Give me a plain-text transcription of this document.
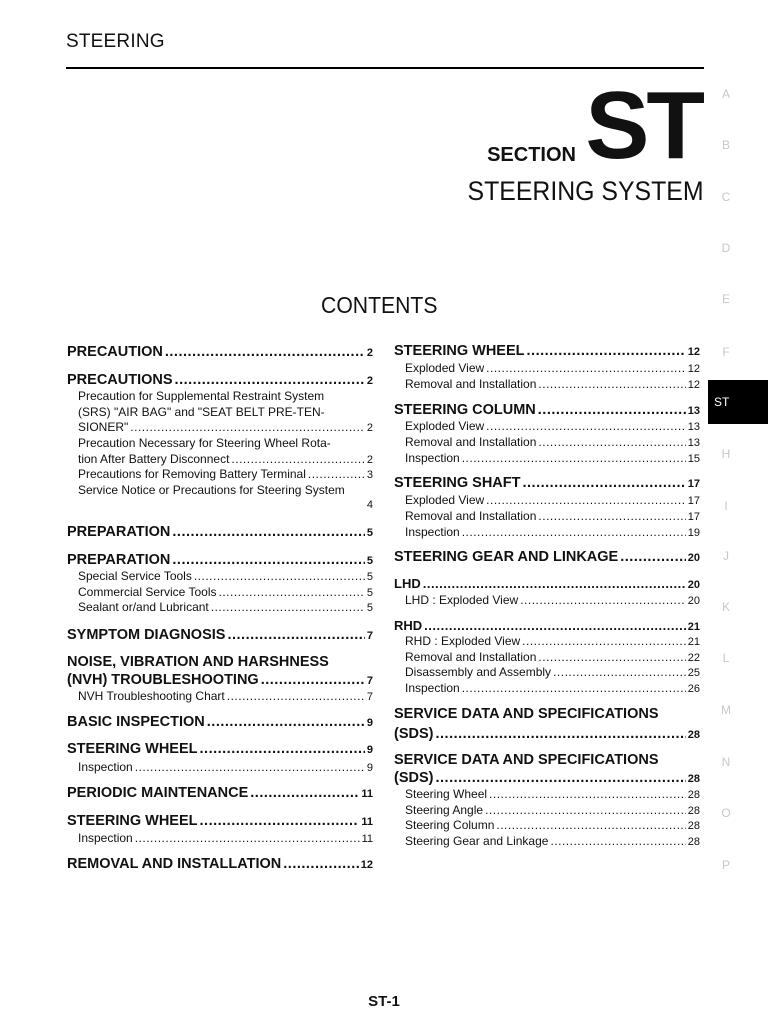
STEERING
SECTION ST
STEERING SYSTEM
CONTENTS
PRECAUTION .....	2
PRECAUTIONS .....	2
Precaution for Supplemental Restraint System
(SRS) "AIR BAG" and "SEAT BELT PRE-TEN-
SIONER" .....	2
Precaution Necessary for Steering Wheel Rota-
tion After Battery Disconnect .....	2
Precautions for Removing Battery Terminal .....	3
Service Notice or Precautions for Steering System
4
PREPARATION .....	5
PREPARATION .....	5
Special Service Tools .....	5
Commercial Service Tools .....	5
Sealant or/and Lubricant .....	5
SYMPTOM DIAGNOSIS .....	7
NOISE, VIBRATION AND HARSHNESS
(NVH) TROUBLESHOOTING .....	7
NVH Troubleshooting Chart .....	7
BASIC INSPECTION .....	9
STEERING WHEEL .....	9
Inspection .....	9
PERIODIC MAINTENANCE .....	11
STEERING WHEEL .....	11
Inspection .....	11
REMOVAL AND INSTALLATION .....	12
STEERING WHEEL .....	12
Exploded View .....	12
Removal and Installation .....	12
STEERING COLUMN .....	13
Exploded View .....	13
Removal and Installation .....	13
Inspection .....	15
STEERING SHAFT .....	17
Exploded View .....	17
Removal and Installation .....	17
Inspection .....	19
STEERING GEAR AND LINKAGE .....	20
LHD .....	20
LHD : Exploded View .....	20
RHD .....	21
RHD : Exploded View .....	21
Removal and Installation .....	22
Disassembly and Assembly .....	25
Inspection .....	26
SERVICE DATA AND SPECIFICATIONS
(SDS) .....	28
SERVICE DATA AND SPECIFICATIONS
(SDS) .....	28
Steering Wheel .....	28
Steering Angle .....	28
Steering Column .....	28
Steering Gear and Linkage .....	28
A
B
C
D
E
F
ST
H
I
J
K
L
M
N
O
P
ST-1
